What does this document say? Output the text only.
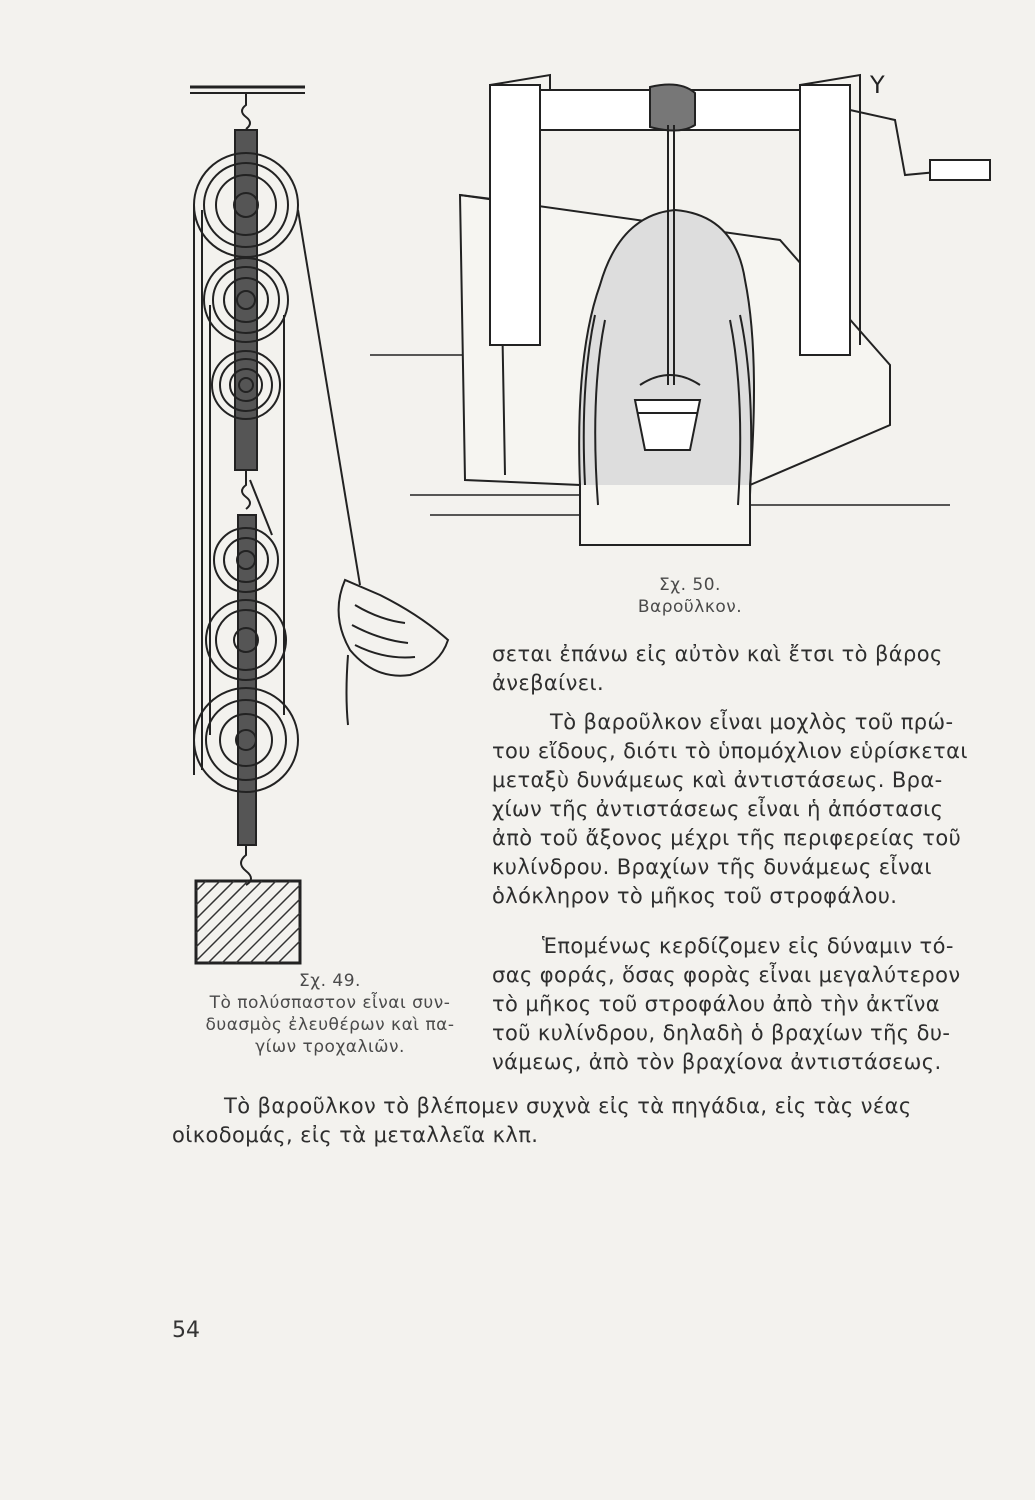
Υ
Σχ. 50.
Βαροῦλκον.
σεται ἐπάνω εἰς αὐτὸν καὶ ἔτσι τὸ βάρος
ἀνεβαίνει.
Τὸ βαροῦλκον εἶναι μοχλὸς τοῦ πρώ-
του εἴδους, διότι τὸ ὑπομόχλιον εὑρίσκεται
μεταξὺ δυνάμεως καὶ ἀντιστάσεως. Βρα-
χίων τῆς ἀντιστάσεως εἶναι ἡ ἀπόστασις
ἀπὸ τοῦ ἄξονος μέχρι τῆς περιφερείας τοῦ
κυλίνδρου. Βραχίων τῆς δυνάμεως εἶναι
ὁλόκληρον τὸ μῆκος τοῦ στροφάλου.
Ἑπομένως κερδίζομεν εἰς δύναμιν τό-
σας φοράς, ὅσας φορὰς εἶναι μεγαλύτερον
τὸ μῆκος τοῦ στροφάλου ἀπὸ τὴν ἀκτῖνα
τοῦ κυλίνδρου, δηλαδὴ ὁ βραχίων τῆς δυ-
νάμεως, ἀπὸ τὸν βραχίονα ἀντιστάσεως.
Σχ. 49.
Τὸ πολύσπαστον εἶναι συν-
δυασμὸς ἐλευθέρων καὶ πα-
γίων τροχαλιῶν.
Τὸ βαροῦλκον τὸ βλέπομεν συχνὰ εἰς τὰ πηγάδια, εἰς τὰς νέας
οἰκοδομάς, εἰς τὰ μεταλλεῖα κλπ.
54
